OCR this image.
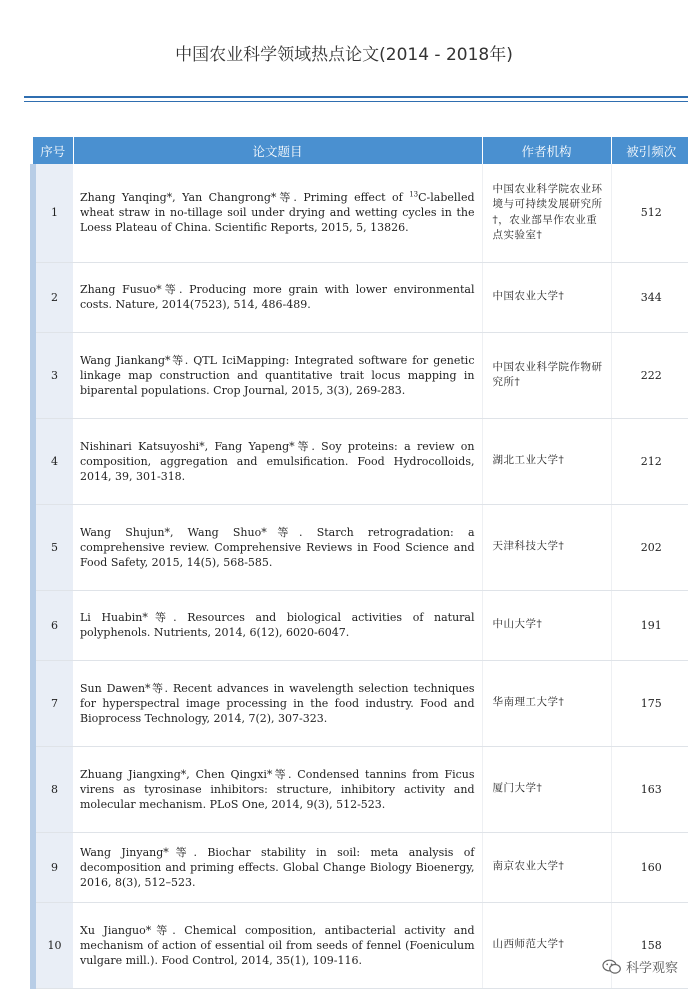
中国农业科学领域热点论文(2014 - 2018年)
序号	论文题目	作者机构	被引频次
1	Zhang Yanqing*, Yan Changrong*等. Priming effect of $^{13}$C-labelled wheat straw in no-tillage soil under drying and wetting cycles in the Loess Plateau of China. Scientific Reports, 2015, 5, 13826.	中国农业科学院农业环境与可持续发展研究所†，农业部旱作农业重点实验室†	512
2	Zhang Fusuo*等. Producing more grain with lower environmental costs. Nature, 2014(7523), 514, 486-489.	中国农业大学†	344
3	Wang Jiankang*等. QTL IciMapping: Integrated software for genetic linkage map construction and quantitative trait locus mapping in biparental populations. Crop Journal, 2015, 3(3), 269-283.	中国农业科学院作物研究所†	222
4	Nishinari Katsuyoshi*, Fang Yapeng*等. Soy proteins: a review on composition, aggregation and emulsification. Food Hydrocolloids, 2014, 39, 301-318.	湖北工业大学†	212
5	Wang Shujun*, Wang Shuo*等. Starch retrogradation: a comprehensive review. Comprehensive Reviews in Food Science and Food Safety, 2015, 14(5), 568-585.	天津科技大学†	202
6	Li Huabin*等. Resources and biological activities of natural polyphenols. Nutrients, 2014, 6(12), 6020-6047.	中山大学†	191
7	Sun Dawen*等. Recent advances in wavelength selection techniques for hyperspectral image processing in the food industry. Food and Bioprocess Technology, 2014, 7(2), 307-323.	华南理工大学†	175
8	Zhuang Jiangxing*, Chen Qingxi*等. Condensed tannins from Ficus virens as tyrosinase inhibitors: structure, inhibitory activity and molecular mechanism. PLoS One, 2014, 9(3), 512-523.	厦门大学†	163
9	Wang Jinyang*等. Biochar stability in soil: meta analysis of decomposition and priming effects. Global Change Biology Bioenergy, 2016, 8(3), 512–523.	南京农业大学†	160
10	Xu Jianguo*等. Chemical composition, antibacterial activity and mechanism of action of essential oil from seeds of fennel (Foeniculum vulgare mill.). Food Control, 2014, 35(1), 109-116.	山西师范大学†	158
科学观察
